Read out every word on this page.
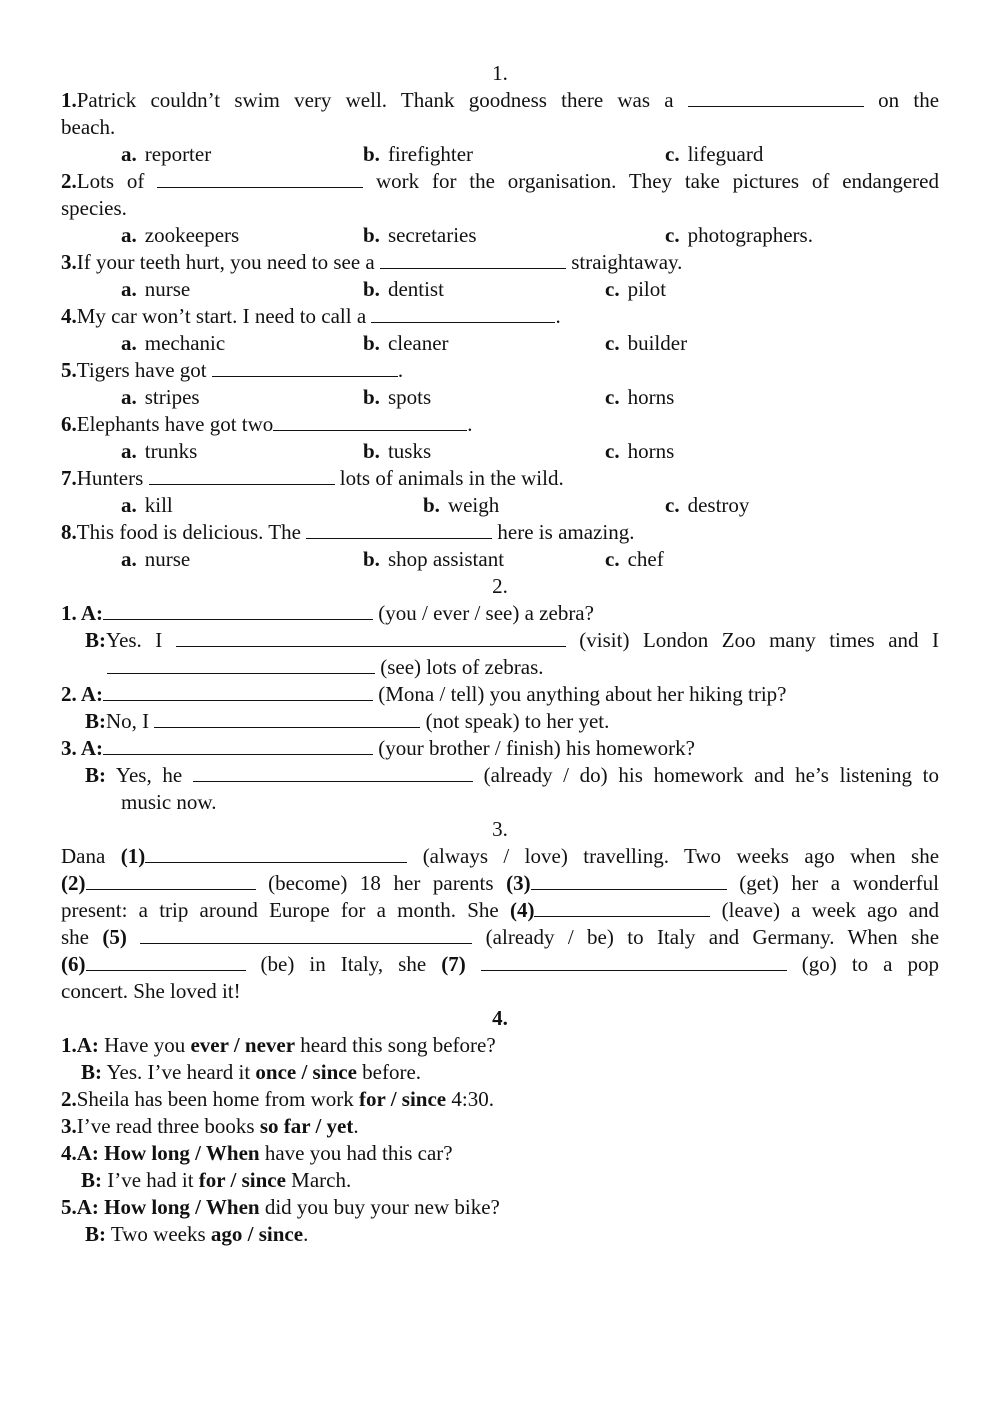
1.
1.Patrick couldn’t swim very well. Thank goodness there was a	on the
beach.
a. reporter	b. firefighter	c. lifeguard
2.Lots of	work for the organisation. They take pictures of endangered
species.
a. zookeepers	b. secretaries	c. photographers.
3.If your teeth hurt, you need to see a	straightaway.
a. nurse	b. dentist	c. pilot
4.My car won’t start. I need to call a	.
a. mechanic	b. cleaner	c. builder
5.Tigers have got	.
a. stripes	b. spots	c. horns
6.Elephants have got two	.
a. trunks	b. tusks	c. horns
7.Hunters	lots of animals in the wild.
a. kill	b. weigh	c. destroy
8.This food is delicious. The	here is amazing.
a. nurse	b. shop assistant	c. chef
2.
1. A:	(you / ever / see) a zebra?
B:Yes. I	(visit) London Zoo many times and I
(see) lots of zebras.
2. A:	(Mona / tell) you anything about her hiking trip?
B:No, I	(not speak) to her yet.
3. A:	(your brother / finish) his homework?
B: Yes, he	(already / do) his homework and he’s listening to
music now.
3.
Dana (1)	(always / love) travelling. Two weeks ago when she
(2)	(become) 18 her parents (3)	(get) her a wonderful
present: a trip around Europe for a month. She (4)	(leave) a week ago and
she (5)	(already / be) to Italy and Germany. When she
(6)	(be) in Italy, she (7)	(go) to a pop
concert. She loved it!
4.
1.A: Have you ever / never heard this song before?
B: Yes. I’ve heard it once / since before.
2.Sheila has been home from work for / since 4:30.
3.I’ve read three books so far / yet.
4.A: How long / When have you had this car?
B: I’ve had it for / since March.
5.A: How long / When did you buy your new bike?
B: Two weeks ago / since.
